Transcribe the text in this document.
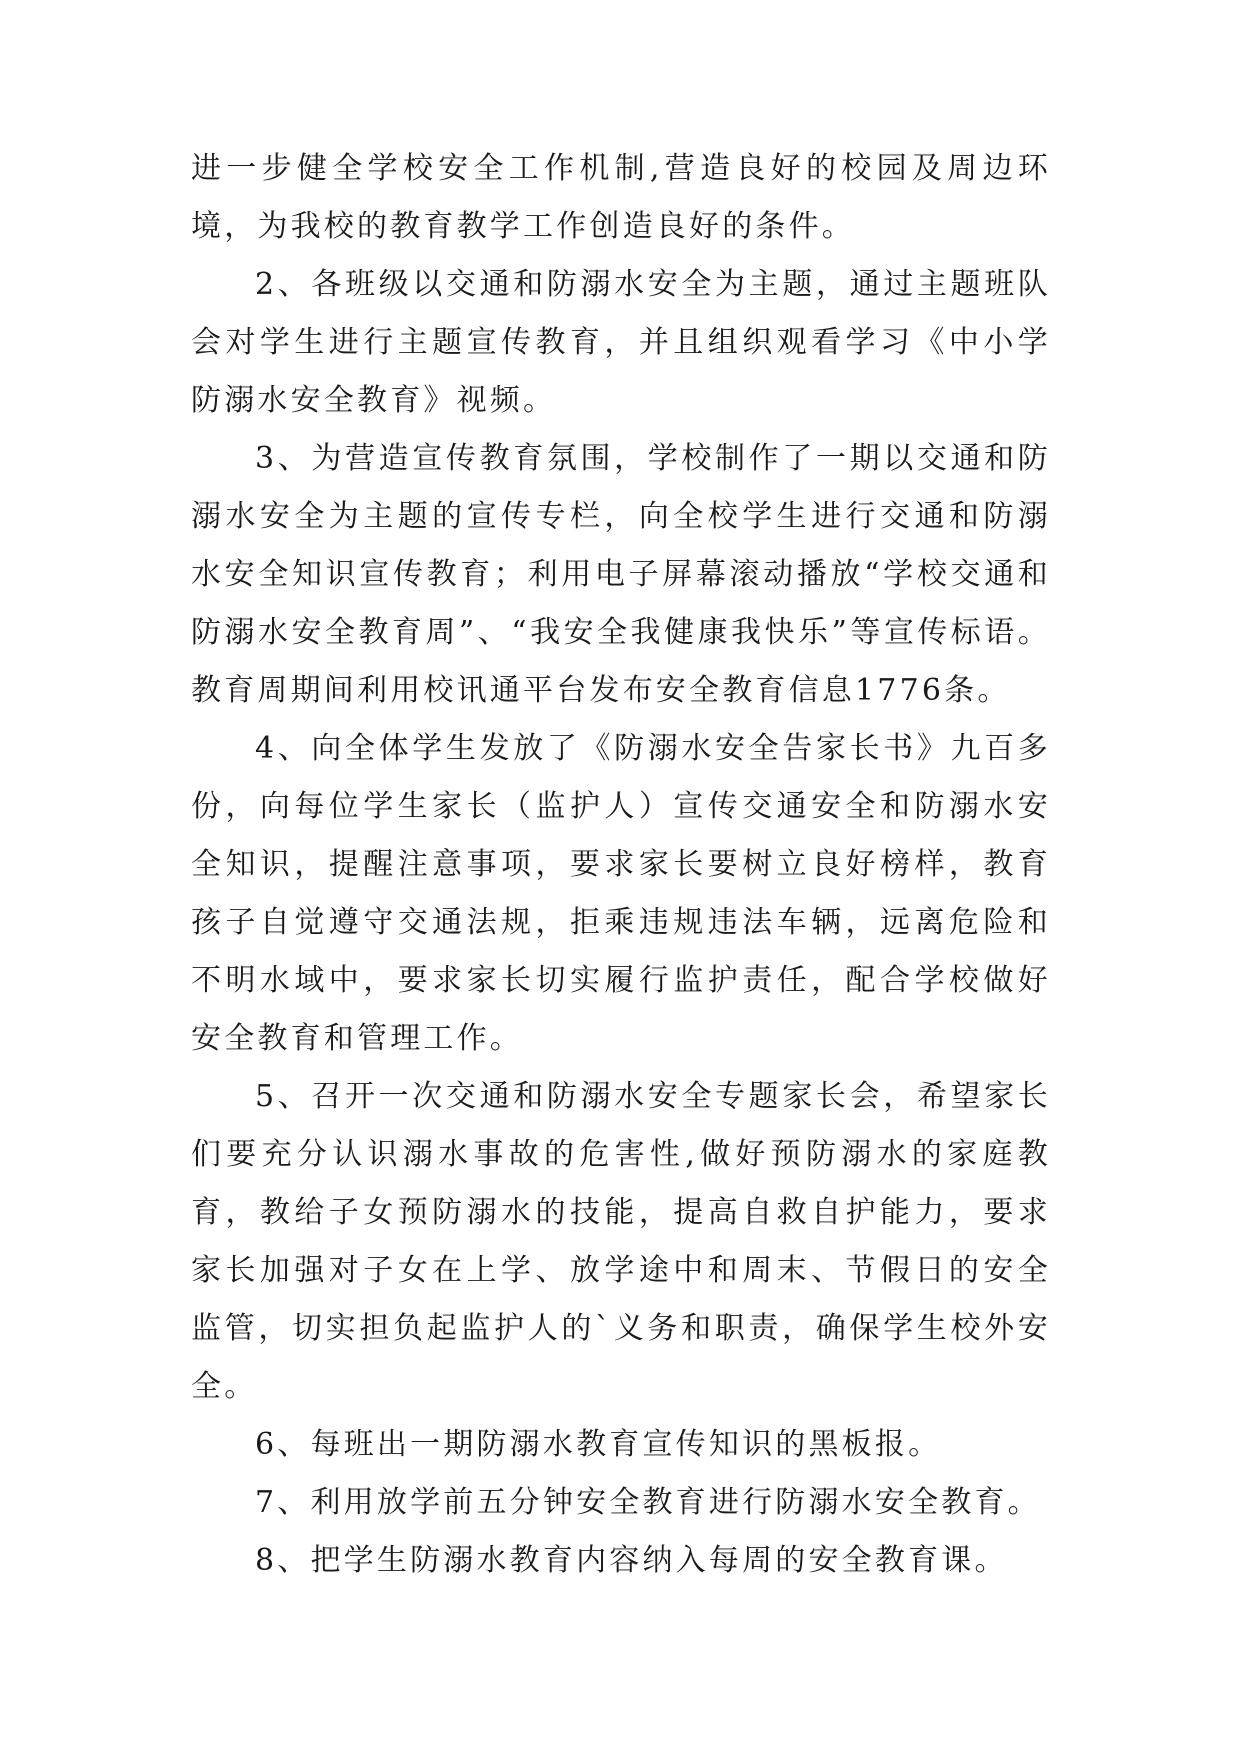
进一步健全学校安全工作机制,营造良好的校园及周边环境，为我校的教育教学工作创造良好的条件。

2、各班级以交通和防溺水安全为主题，通过主题班队会对学生进行主题宣传教育，并且组织观看学习《中小学防溺水安全教育》视频。

3、为营造宣传教育氛围，学校制作了一期以交通和防溺水安全为主题的宣传专栏，向全校学生进行交通和防溺水安全知识宣传教育；利用电子屏幕滚动播放“学校交通和防溺水安全教育周”、“我安全我健康我快乐”等宣传标语。教育周期间利用校讯通平台发布安全教育信息1776条。

4、向全体学生发放了《防溺水安全告家长书》九百多份，向每位学生家长（监护人）宣传交通安全和防溺水安全知识，提醒注意事项，要求家长要树立良好榜样，教育孩子自觉遵守交通法规，拒乘违规违法车辆，远离危险和不明水域中，要求家长切实履行监护责任，配合学校做好安全教育和管理工作。

5、召开一次交通和防溺水安全专题家长会，希望家长们要充分认识溺水事故的危害性,做好预防溺水的家庭教育，教给子女预防溺水的技能，提高自救自护能力，要求家长加强对子女在上学、放学途中和周末、节假日的安全监管，切实担负起监护人的`义务和职责，确保学生校外安全。

6、每班出一期防溺水教育宣传知识的黑板报。

7、利用放学前五分钟安全教育进行防溺水安全教育。

8、把学生防溺水教育内容纳入每周的安全教育课。
